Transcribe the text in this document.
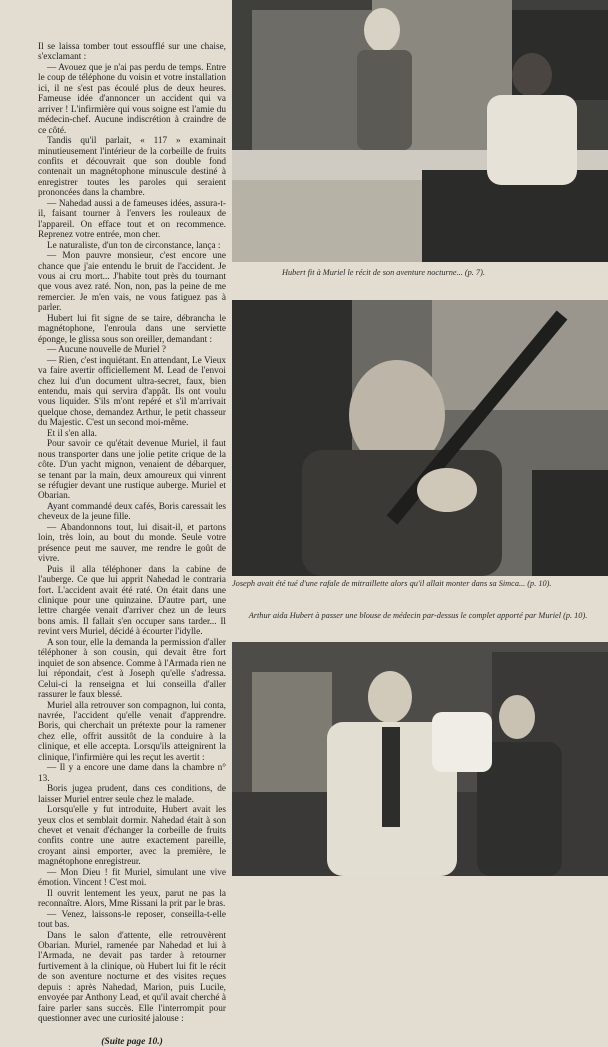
Il se laissa tomber tout essoufflé sur une chaise, s'exclamant :

— Avouez que je n'ai pas perdu de temps. Entre le coup de téléphone du voisin et votre installation ici, il ne s'est pas écoulé plus de deux heures. Fameuse idée d'annoncer un accident qui va arriver ! L'infirmière qui vous soigne est l'amie du médecin-chef. Aucune indiscrétion à craindre de ce côté.

Tandis qu'il parlait, « 117 » examinait minutieusement l'intérieur de la corbeille de fruits confits et découvrait que son double fond contenait un magnétophone minuscule destiné à enregistrer toutes les paroles qui seraient prononcées dans la chambre.

— Nahedad aussi a de fameuses idées, assura-t-il, faisant tourner à l'envers les rouleaux de l'appareil. On efface tout et on recommence. Reprenez votre entrée, mon cher.

Le naturaliste, d'un ton de circonstance, lança :

— Mon pauvre monsieur, c'est encore une chance que j'aie entendu le bruit de l'accident. Je vous ai cru mort... J'habite tout près du tournant que vous avez raté. Non, non, pas la peine de me remercier. Je m'en vais, ne vous fatiguez pas à parler.

Hubert lui fit signe de se taire, débrancha le magnétophone, l'enroula dans une serviette éponge, le glissa sous son oreiller, demandant :

— Aucune nouvelle de Muriel ?

— Rien, c'est inquiétant. En attendant, Le Vieux va faire avertir officiellement M. Lead de l'envoi chez lui d'un document ultra-secret, faux, bien entendu, mais qui servira d'appât. Ils ont voulu vous liquider. S'ils m'ont repéré et s'il m'arrivait quelque chose, demandez Arthur, le petit chasseur du Majestic. C'est un second moi-même.

Et il s'en alla.

Pour savoir ce qu'était devenue Muriel, il faut nous transporter dans une jolie petite crique de la côte. D'un yacht mignon, venaient de débarquer, se tenant par la main, deux amoureux qui vinrent se réfugier devant une rustique auberge. Muriel et Obarian.

Ayant commandé deux cafés, Boris caressait les cheveux de la jeune fille.

— Abandonnons tout, lui disait-il, et partons loin, très loin, au bout du monde. Seule votre présence peut me sauver, me rendre le goût de vivre.

Puis il alla téléphoner dans la cabine de l'auberge. Ce que lui apprit Nahedad le contraria fort. L'accident avait été raté. On était dans une clinique pour une quinzaine. D'autre part, une lettre chargée venait d'arriver chez un de leurs bons amis. Il fallait s'en occuper sans tarder... Il revint vers Muriel, décidé à écourter l'idylle.

A son tour, elle la demanda la permission d'aller téléphoner à son cousin, qui devait être fort inquiet de son absence. Comme à l'Armada rien ne lui répondait, c'est à Joseph qu'elle s'adressa. Celui-ci la renseigna et lui conseilla d'aller rassurer le faux blessé.

Muriel alla retrouver son compagnon, lui conta, navrée, l'accident qu'elle venait d'apprendre. Boris, qui cherchait un prétexte pour la ramener chez elle, offrit aussitôt de la conduire à la clinique, et elle accepta. Lorsqu'ils atteignirent la clinique, l'infirmière qui les reçut les avertit :

— Il y a encore une dame dans la chambre n° 13.

Boris jugea prudent, dans ces conditions, de laisser Muriel entrer seule chez le malade.

Lorsqu'elle y fut introduite, Hubert avait les yeux clos et semblait dormir. Nahedad était à son chevet et venait d'échanger la corbeille de fruits confits contre une autre exactement pareille, croyant ainsi emporter, avec la première, le magnétophone enregistreur.

— Mon Dieu ! fit Muriel, simulant une vive émotion. Vincent ! C'est moi.

Il ouvrit lentement les yeux, parut ne pas la reconnaître. Alors, Mme Rissani la prit par le bras.

— Venez, laissons-le reposer, conseilla-t-elle tout bas.

Dans le salon d'attente, elle retrouvèrent Obarian. Muriel, ramenée par Nahedad et lui à l'Armada, ne devait pas tarder à retourner furtivement à la clinique, où Hubert lui fit le récit de son aventure nocturne et des visites reçues depuis : après Nahedad, Marion, puis Lucile, envoyée par Anthony Lead, et qu'il avait cherché à faire parler sans succès. Elle l'interrompit pour questionner avec une curiosité jalouse :

(Suite page 10.)

Hubert fit à Muriel le récit de son aventure nocturne... (p. 7).
Joseph avait été tué d'une rafale de mitraillette alors qu'il allait monter dans sa Simca... (p. 10).
Arthur aida Hubert à passer une blouse de médecin par-dessus le complet apporté par Muriel (p. 10).
